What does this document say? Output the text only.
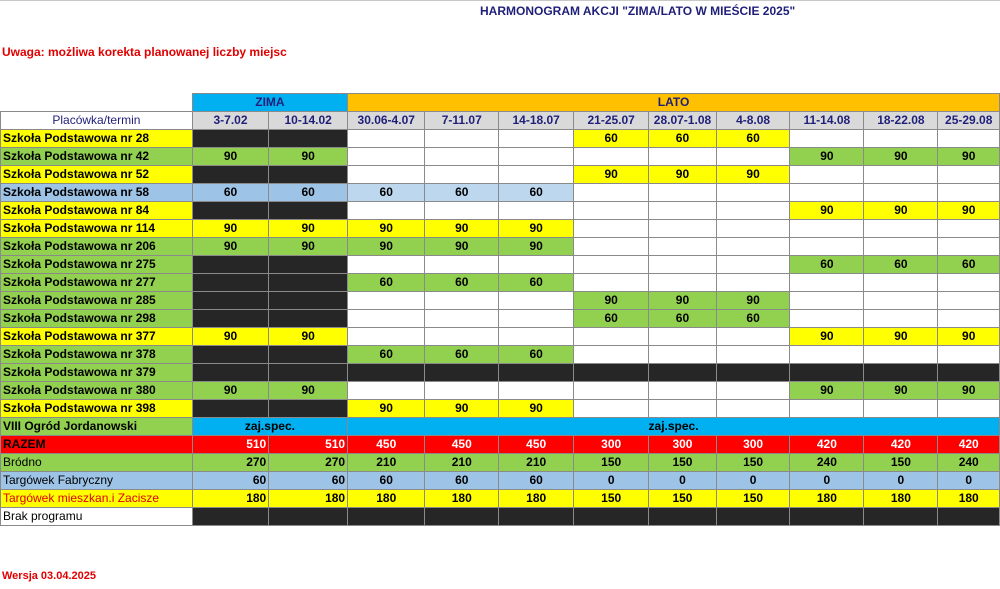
HARMONOGRAM AKCJI "ZIMA/LATO W MIEŚCIE 2025"
Uwaga: możliwa korekta planowanej liczby miejsc
	ZIMA		LATO								
Placówka/termin	3-7.02	10-14.02	30.06-4.07	7-11.07	14-18.07	21-25.07	28.07-1.08	4-8.08	11-14.08	18-22.08	25-29.08
Szkoła Podstawowa nr 28						60	60	60			
Szkoła Podstawowa nr 42	90	90							90	90	90
Szkoła Podstawowa nr 52						90	90	90			
Szkoła Podstawowa nr 58	60	60	60	60	60						
Szkoła Podstawowa nr 84									90	90	90
Szkoła Podstawowa nr 114	90	90	90	90	90						
Szkoła Podstawowa nr 206	90	90	90	90	90						
Szkoła Podstawowa nr 275									60	60	60
Szkoła Podstawowa nr 277			60	60	60						
Szkoła Podstawowa nr 285						90	90	90			
Szkoła Podstawowa nr 298						60	60	60			
Szkoła Podstawowa nr 377	90	90							90	90	90
Szkoła Podstawowa nr 378			60	60	60						
Szkoła Podstawowa nr 379											
Szkoła Podstawowa nr 380	90	90							90	90	90
Szkoła Podstawowa nr 398			90	90	90						
VIII Ogród Jordanowski	zaj.spec.		zaj.spec.								
RAZEM	510	510	450	450	450	300	300	300	420	420	420
Bródno	270	270	210	210	210	150	150	150	240	150	240
Targówek Fabryczny	60	60	60	60	60	0	0	0	0	0	0
Targówek mieszkan.i Zacisze	180	180	180	180	180	150	150	150	180	180	180
Brak programu											
Wersja 03.04.2025
